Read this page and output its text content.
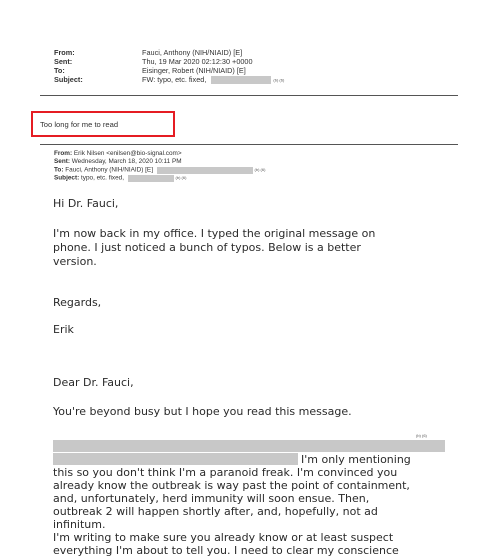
From:	Fauci, Anthony (NIH/NIAID) [E]
Sent:	Thu, 19 Mar 2020 02:12:30 +0000
To:	Eisinger, Robert (NIH/NIAID) [E]
Subject:	FW: typo, etc. fixed,	(b) (6)
Too long for me to read
From: Erik Nilsen <enilsen@bio-signal.com>
Sent: Wednesday, March 18, 2020 10:11 PM
To: Fauci, Anthony (NIH/NIAID) [E]	(b) (6)
Subject: typo, etc. fixed,	(b) (6)
Hi Dr. Fauci,
I'm now back in my office. I typed the original message on
phone. I just noticed a bunch of typos. Below is a better
version.
Regards,
Erik
Dear Dr. Fauci,
You're beyond busy but I hope you read this message.
(b) (6)
I'm only mentioning
this so you don't think I'm a paranoid freak. I'm convinced you
already know the outbreak is way past the point of containment,
and, unfortunately, herd immunity will soon ensue. Then,
outbreak 2 will happen shortly after, and, hopefully, not ad
infinitum.
I'm writing to make sure you already know or at least suspect
everything I'm about to tell you. I need to clear my conscience
